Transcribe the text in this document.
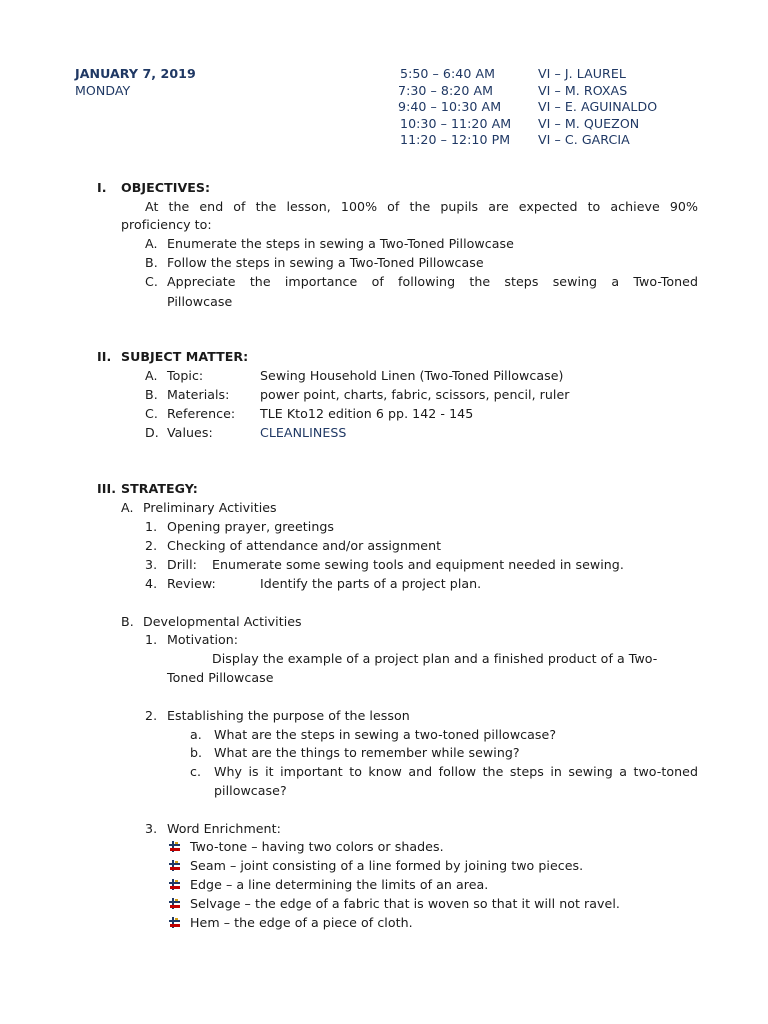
JANUARY 7, 2019
MONDAY
5:50 – 6:40 AM	VI – J. LAUREL
7:30 – 8:20 AM	VI – M. ROXAS
9:40 – 10:30 AM	VI – E. AGUINALDO
10:30 – 11:20 AM VI – M. QUEZON
11:20 – 12:10 PM VI – C. GARCIA
I. OBJECTIVES:
At the end of the lesson, 100% of the pupils are expected to achieve 90%
proficiency to:
A. Enumerate the steps in sewing a Two-Toned Pillowcase
B. Follow the steps in sewing a Two-Toned Pillowcase
C. Appreciate the importance of following the steps sewing a Two-Toned
Pillowcase
II. SUBJECT MATTER:
A. Topic:	Sewing Household Linen (Two-Toned Pillowcase)
B. Materials: power point, charts, fabric, scissors, pencil, ruler
C. Reference: TLE Kto12 edition 6 pp. 142 - 145
D. Values:	CLEANLINESS
III. STRATEGY:
A. Preliminary Activities
1. Opening prayer, greetings
2. Checking of attendance and/or assignment
3. Drill: Enumerate some sewing tools and equipment needed in sewing.
4. Review:	Identify the parts of a project plan.
B. Developmental Activities
1. Motivation:
Display the example of a project plan and a finished product of a Two-
Toned Pillowcase
2. Establishing the purpose of the lesson
a. What are the steps in sewing a two-toned pillowcase?
b. What are the things to remember while sewing?
c. Why is it important to know and follow the steps in sewing a two-toned
pillowcase?
3. Word Enrichment:
Two-tone – having two colors or shades.
Seam – joint consisting of a line formed by joining two pieces.
Edge – a line determining the limits of an area.
Selvage – the edge of a fabric that is woven so that it will not ravel.
Hem – the edge of a piece of cloth.
